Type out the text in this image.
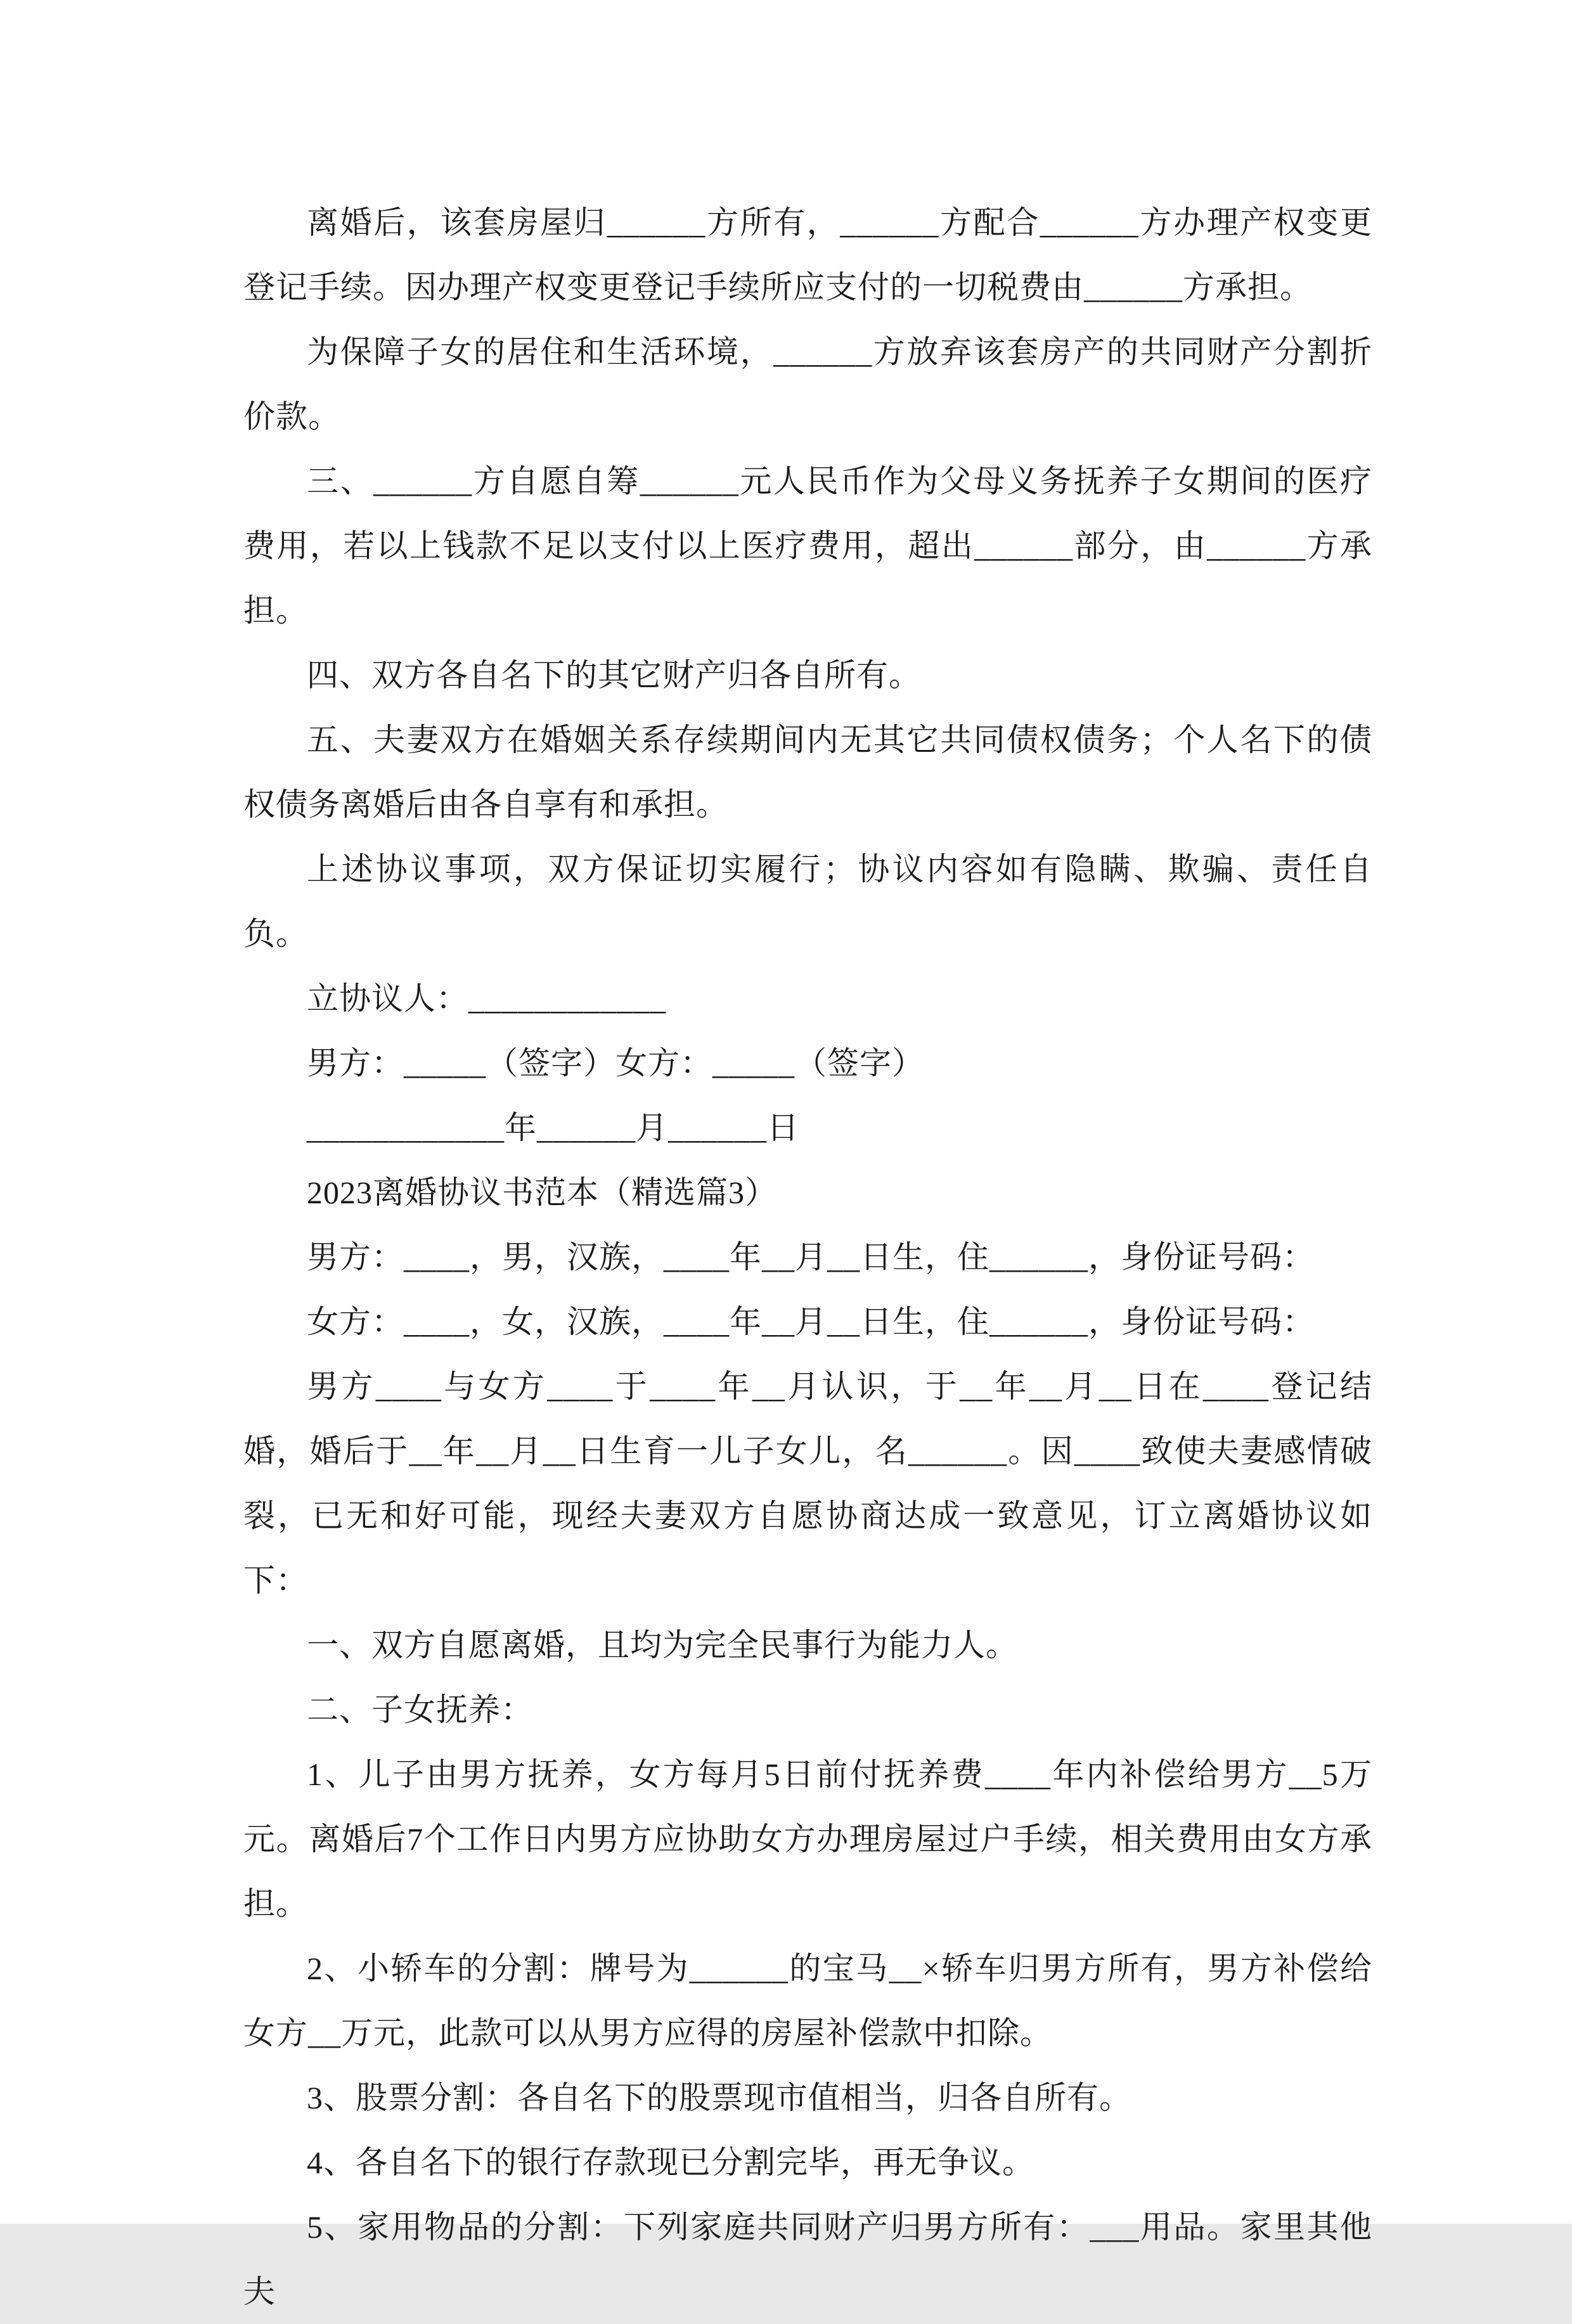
离婚后，该套房屋归______方所有，______方配合______方办理产权变更登记手续。因办理产权变更登记手续所应支付的一切税费由______方承担。

为保障子女的居住和生活环境，______方放弃该套房产的共同财产分割折价款。

三、______方自愿自筹______元人民币作为父母义务抚养子女期间的医疗费用，若以上钱款不足以支付以上医疗费用，超出______部分，由______方承担。

四、双方各自名下的其它财产归各自所有。

五、夫妻双方在婚姻关系存续期间内无其它共同债权债务；个人名下的债权债务离婚后由各自享有和承担。

上述协议事项，双方保证切实履行；协议内容如有隐瞒、欺骗、责任自负。

立协议人：____________

男方：_____（签字）女方：_____（签字）

____________年______月______日

2023离婚协议书范本（精选篇3）

男方：____，男，汉族，____年__月__日生，住______，身份证号码：

女方：____，女，汉族，____年__月__日生，住______，身份证号码：

男方____与女方____于____年__月认识，于__年__月__日在____登记结婚，婚后于__年__月__日生育一儿子女儿，名______。因____致使夫妻感情破裂，已无和好可能，现经夫妻双方自愿协商达成一致意见，订立离婚协议如下：

一、双方自愿离婚，且均为完全民事行为能力人。

二、子女抚养：

1、儿子由男方抚养，女方每月5日前付抚养费____年内补偿给男方__5万元。离婚后7个工作日内男方应协助女方办理房屋过户手续，相关费用由女方承担。

2、小轿车的分割：牌号为______的宝马__×轿车归男方所有，男方补偿给女方__万元，此款可以从男方应得的房屋补偿款中扣除。

3、股票分割：各自名下的股票现市值相当，归各自所有。

4、各自名下的银行存款现已分割完毕，再无争议。

5、家用物品的分割：下列家庭共同财产归男方所有：___用品。家里其他夫
